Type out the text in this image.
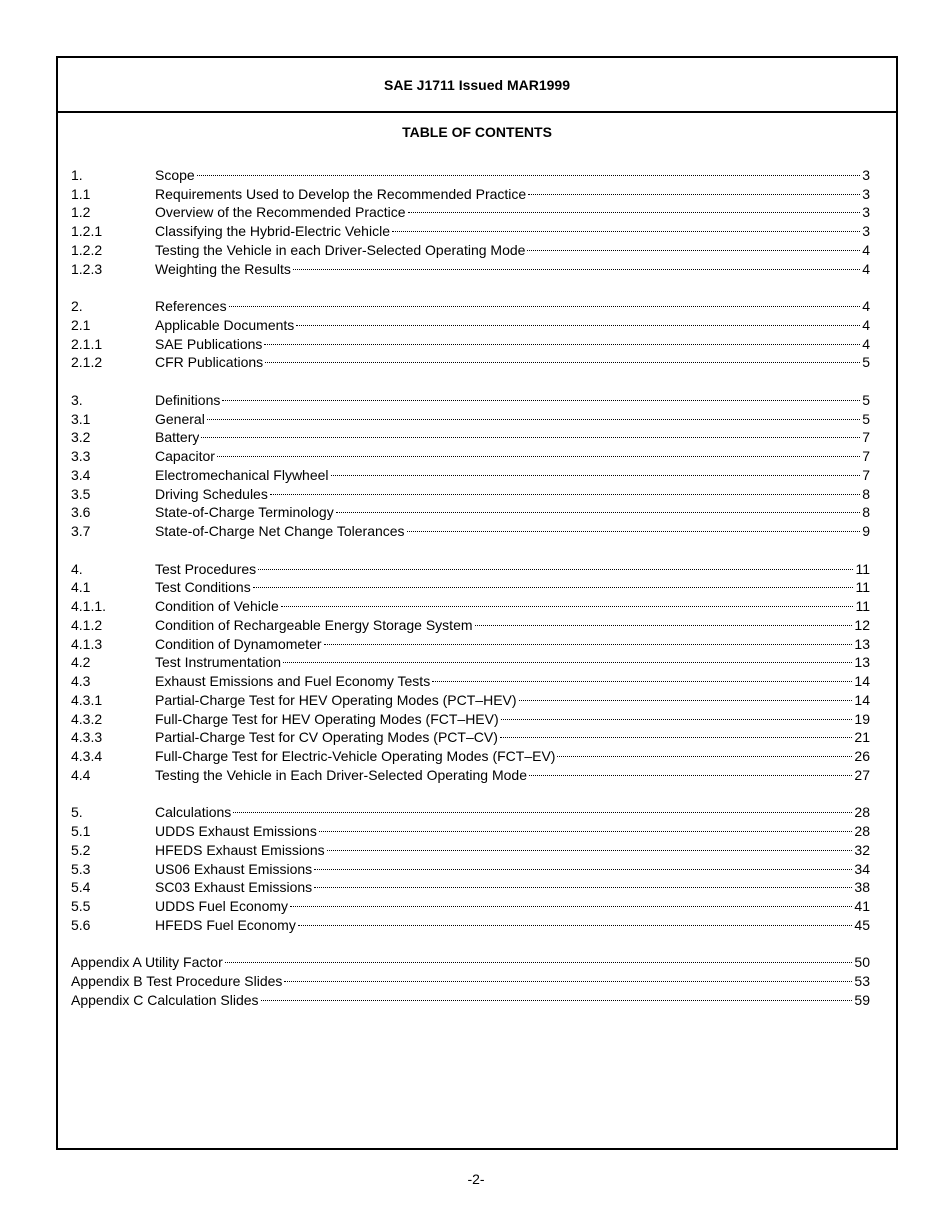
SAE J1711 Issued MAR1999
TABLE OF CONTENTS
1.	Scope	3
1.1	Requirements Used to Develop the Recommended Practice	3
1.2	Overview of the Recommended Practice	3
1.2.1	Classifying the Hybrid-Electric Vehicle	3
1.2.2	Testing the Vehicle in each Driver-Selected Operating Mode	4
1.2.3	Weighting the Results	4
2.	References	4
2.1	Applicable Documents	4
2.1.1	SAE Publications	4
2.1.2	CFR Publications	5
3.	Definitions	5
3.1	General	5
3.2	Battery	7
3.3	Capacitor	7
3.4	Electromechanical Flywheel	7
3.5	Driving Schedules	8
3.6	State-of-Charge Terminology	8
3.7	State-of-Charge Net Change Tolerances	9
4.	Test Procedures	11
4.1	Test Conditions	11
4.1.1.	Condition of Vehicle	11
4.1.2	Condition of Rechargeable Energy Storage System	12
4.1.3	Condition of Dynamometer	13
4.2	Test Instrumentation	13
4.3	Exhaust Emissions and Fuel Economy Tests	14
4.3.1	Partial-Charge Test for HEV Operating Modes (PCT–HEV)	14
4.3.2	Full-Charge Test for HEV Operating Modes (FCT–HEV)	19
4.3.3	Partial-Charge Test for CV Operating Modes (PCT–CV)	21
4.3.4	Full-Charge Test for Electric-Vehicle Operating Modes (FCT–EV)	26
4.4	Testing the Vehicle in Each Driver-Selected Operating Mode	27
5.	Calculations	28
5.1	UDDS Exhaust Emissions	28
5.2	HFEDS Exhaust Emissions	32
5.3	US06 Exhaust Emissions	34
5.4	SC03 Exhaust Emissions	38
5.5	UDDS Fuel Economy	41
5.6	HFEDS Fuel Economy	45
Appendix A Utility Factor	50
Appendix B Test Procedure Slides	53
Appendix C Calculation Slides	59
-2-
